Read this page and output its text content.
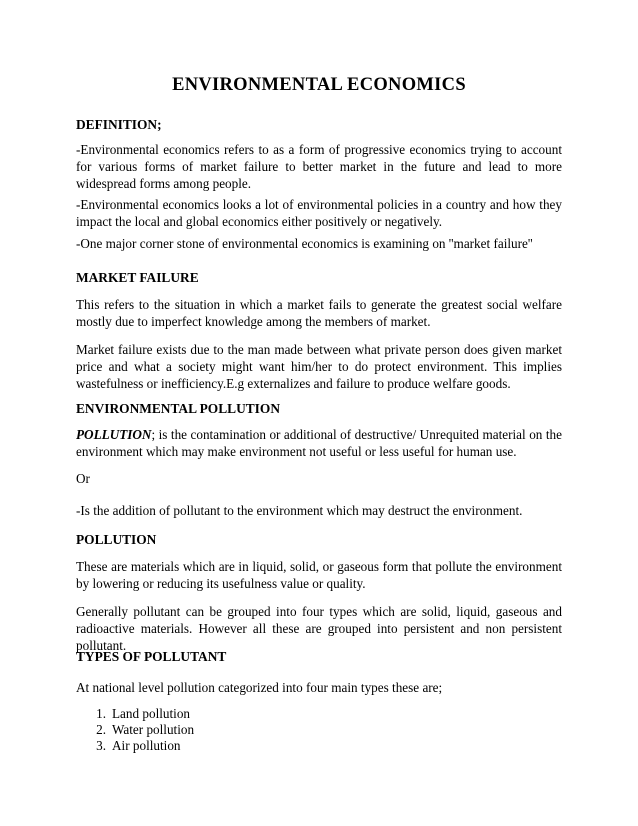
ENVIRONMENTAL ECONOMICS
DEFINITION;

-Environmental economics refers to as a form of progressive economics trying to account for various forms of market failure to better market in the future and lead to more widespread forms among people.

-Environmental economics looks a lot of environmental policies in a country and how they impact the local and global economics either positively or negatively.

-One major corner stone of environmental economics is examining on ''market failure''

MARKET FAILURE

This refers to the situation in which a market fails to generate the greatest social welfare mostly due to imperfect knowledge among the members of market.

Market failure exists due to the man made between what private person does given market price and what a society might want him/her to do protect environment. This implies wastefulness or inefficiency.E.g externalizes and failure to produce welfare goods.

ENVIRONMENTAL POLLUTION

POLLUTION; is the contamination or additional of destructive/ Unrequited material on the environment which may make environment not useful or less useful for human use.

Or

-Is the addition of pollutant to the environment which may destruct the environment.

POLLUTION

These are materials which are in liquid, solid, or gaseous form that pollute the environment by lowering or reducing its usefulness value or quality.

Generally pollutant can be grouped into four types which are solid, liquid, gaseous and radioactive materials. However all these are grouped into persistent and non persistent pollutant.

TYPES OF POLLUTANT

At national level pollution categorized into four main types these are;

1. Land pollution
2. Water pollution
3. Air pollution
